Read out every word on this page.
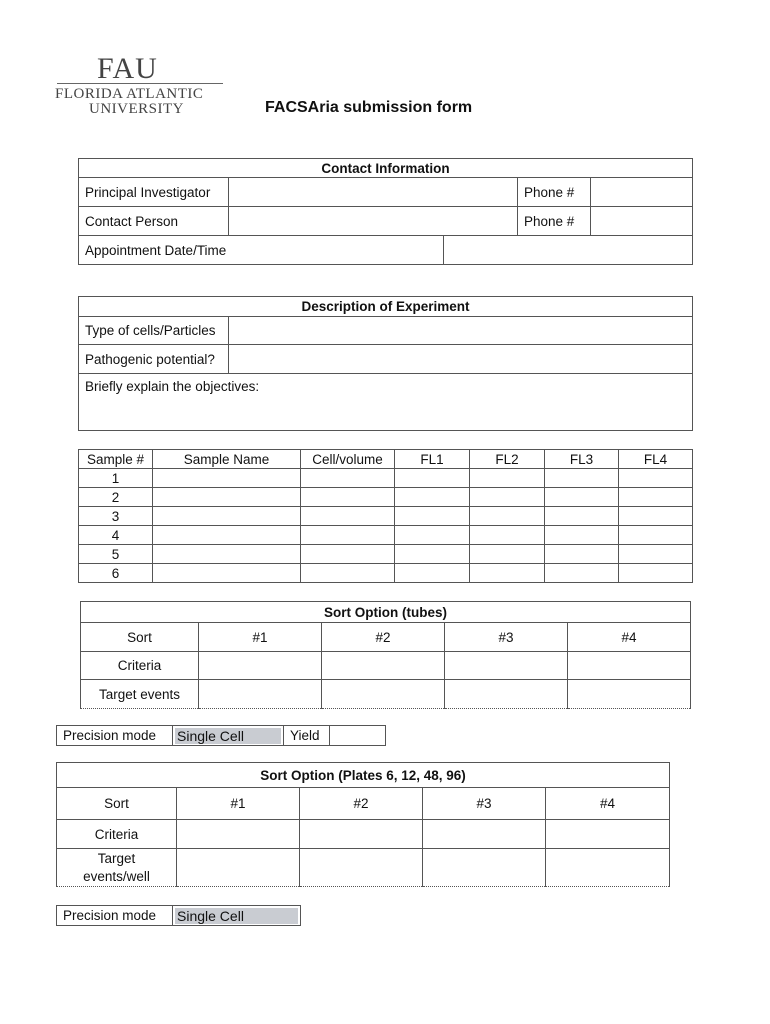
FAU
FLORIDA ATLANTIC
UNIVERSITY	FACSAria submission form
Contact Information				
Principal Investigator			Phone #	
Contact Person			Phone #	
Appointment Date/Time				
Description of Experiment	
Type of cells/Particles	
Pathogenic potential?	
Briefly explain the objectives:	
Sample #	Sample Name	Cell/volume	FL1	FL2	FL3	FL4
1						
2						
3						
4						
5						
6						
Sort Option (tubes)				
Sort	#1	#2	#3	#4
Criteria				
Target events				
Precision mode	Single Cell	Yield	
Sort Option (Plates 6, 12, 48, 96)				
Sort	#1	#2	#3	#4
Criteria				

Target
events/well				

Precision mode	Single Cell
